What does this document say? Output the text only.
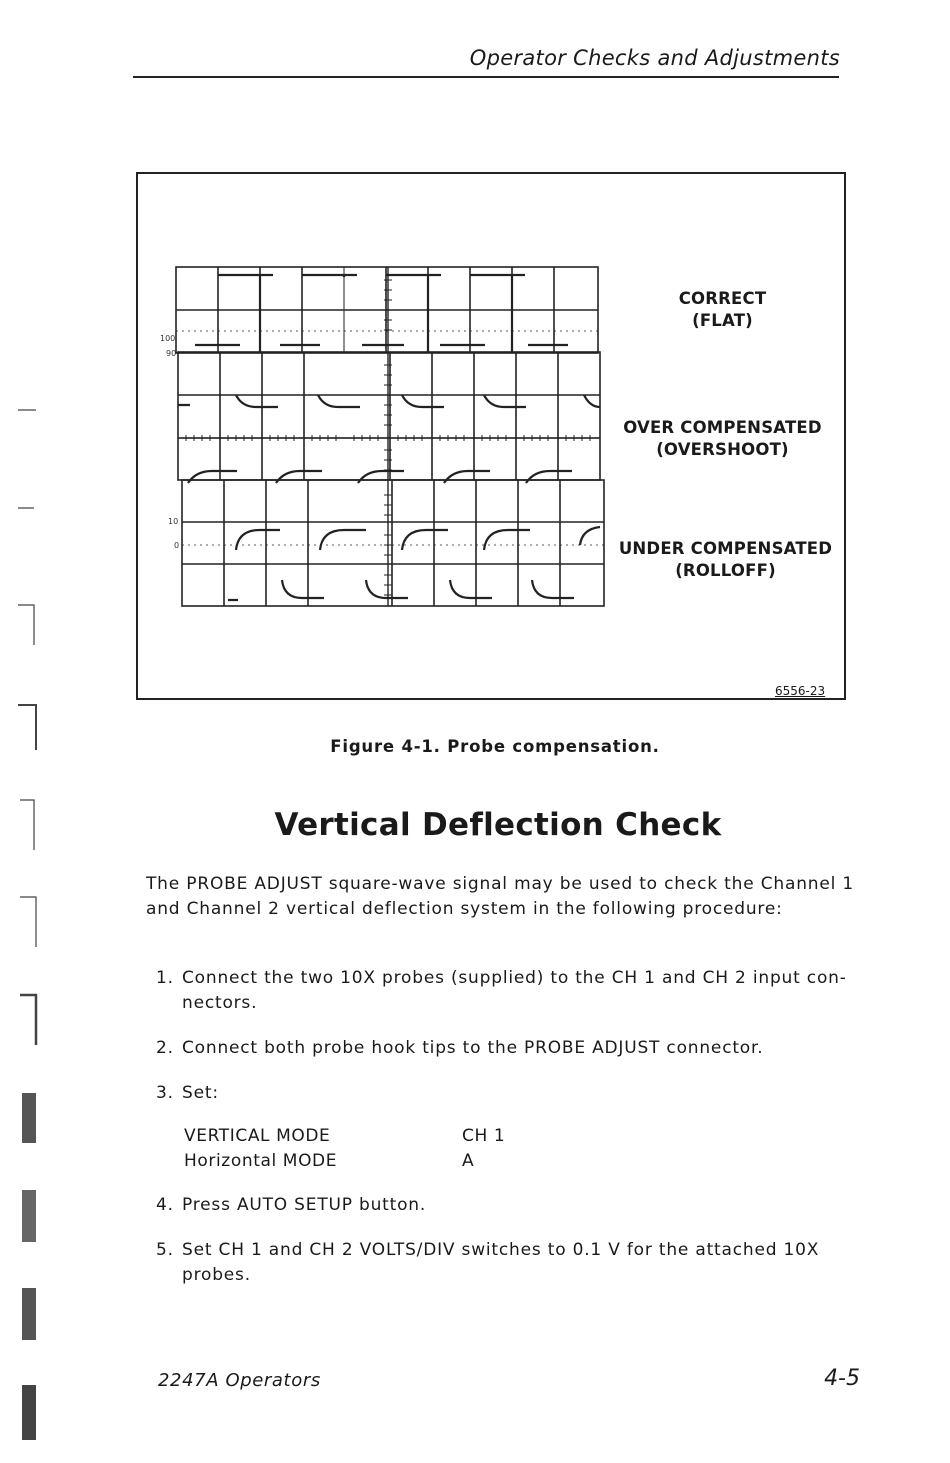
Operator Checks and Adjustments
100
90
10
0
CORRECT
(FLAT)
OVER COMPENSATED
(OVERSHOOT)
UNDER COMPENSATED
(ROLLOFF)
6556-23
Figure 4-1. Probe compensation.
Vertical Deflection Check
The PROBE ADJUST square-wave signal may be used to check the Channel 1 and Channel 2 vertical deflection system in the following procedure:
1. Connect the two 10X probes (supplied) to the CH 1 and CH 2 input con-
nectors.
2. Connect both probe hook tips to the PROBE ADJUST connector.
3. Set:
VERTICAL MODE	CH 1
Horizontal MODE	A
4. Press AUTO SETUP button.
5. Set CH 1 and CH 2 VOLTS/DIV switches to 0.1 V for the attached 10X
probes.
2247A Operators	4-5
